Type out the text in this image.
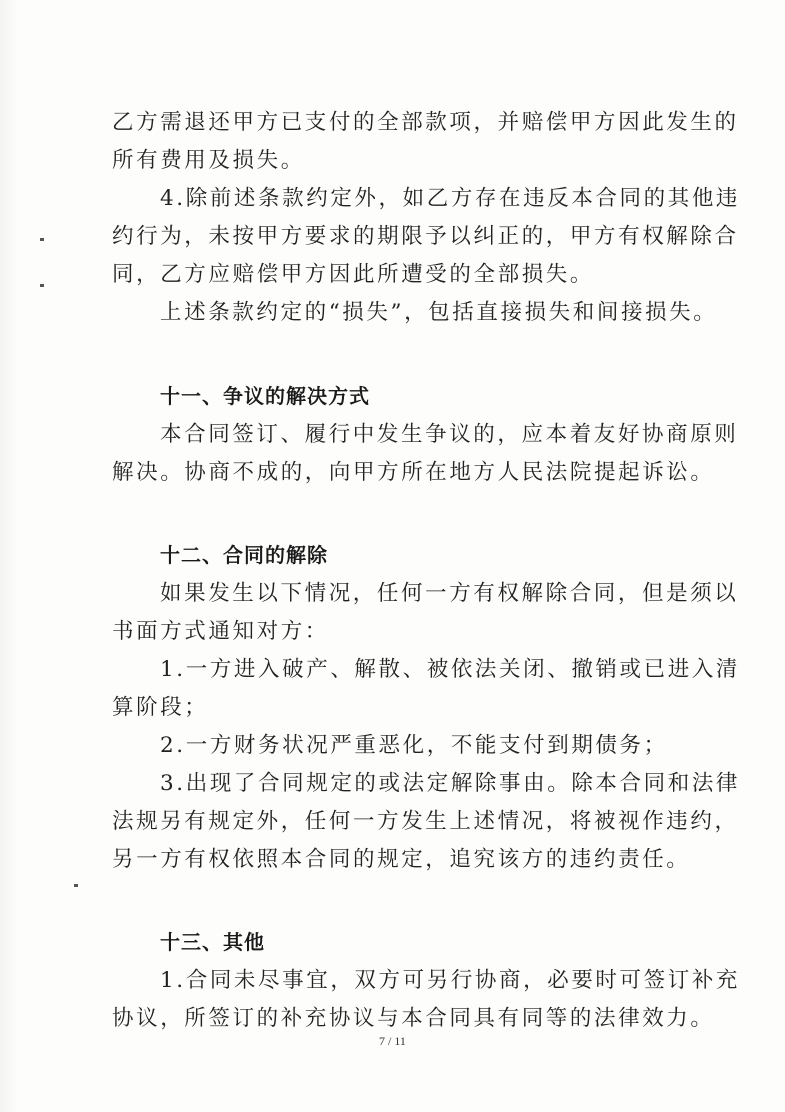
乙方需退还甲方已支付的全部款项，并赔偿甲方因此发生的
所有费用及损失。
4.除前述条款约定外，如乙方存在违反本合同的其他违
约行为，未按甲方要求的期限予以纠正的，甲方有权解除合
同，乙方应赔偿甲方因此所遭受的全部损失。
上述条款约定的“损失”，包括直接损失和间接损失。
十一、争议的解决方式
本合同签订、履行中发生争议的，应本着友好协商原则
解决。协商不成的，向甲方所在地方人民法院提起诉讼。
十二、合同的解除
如果发生以下情况，任何一方有权解除合同，但是须以
书面方式通知对方：
1.一方进入破产、解散、被依法关闭、撤销或已进入清
算阶段；
2.一方财务状况严重恶化，不能支付到期债务；
3.出现了合同规定的或法定解除事由。除本合同和法律
法规另有规定外，任何一方发生上述情况，将被视作违约，
另一方有权依照本合同的规定，追究该方的违约责任。
十三、其他
1.合同未尽事宜，双方可另行协商，必要时可签订补充
协议，所签订的补充协议与本合同具有同等的法律效力。
7 / 11
